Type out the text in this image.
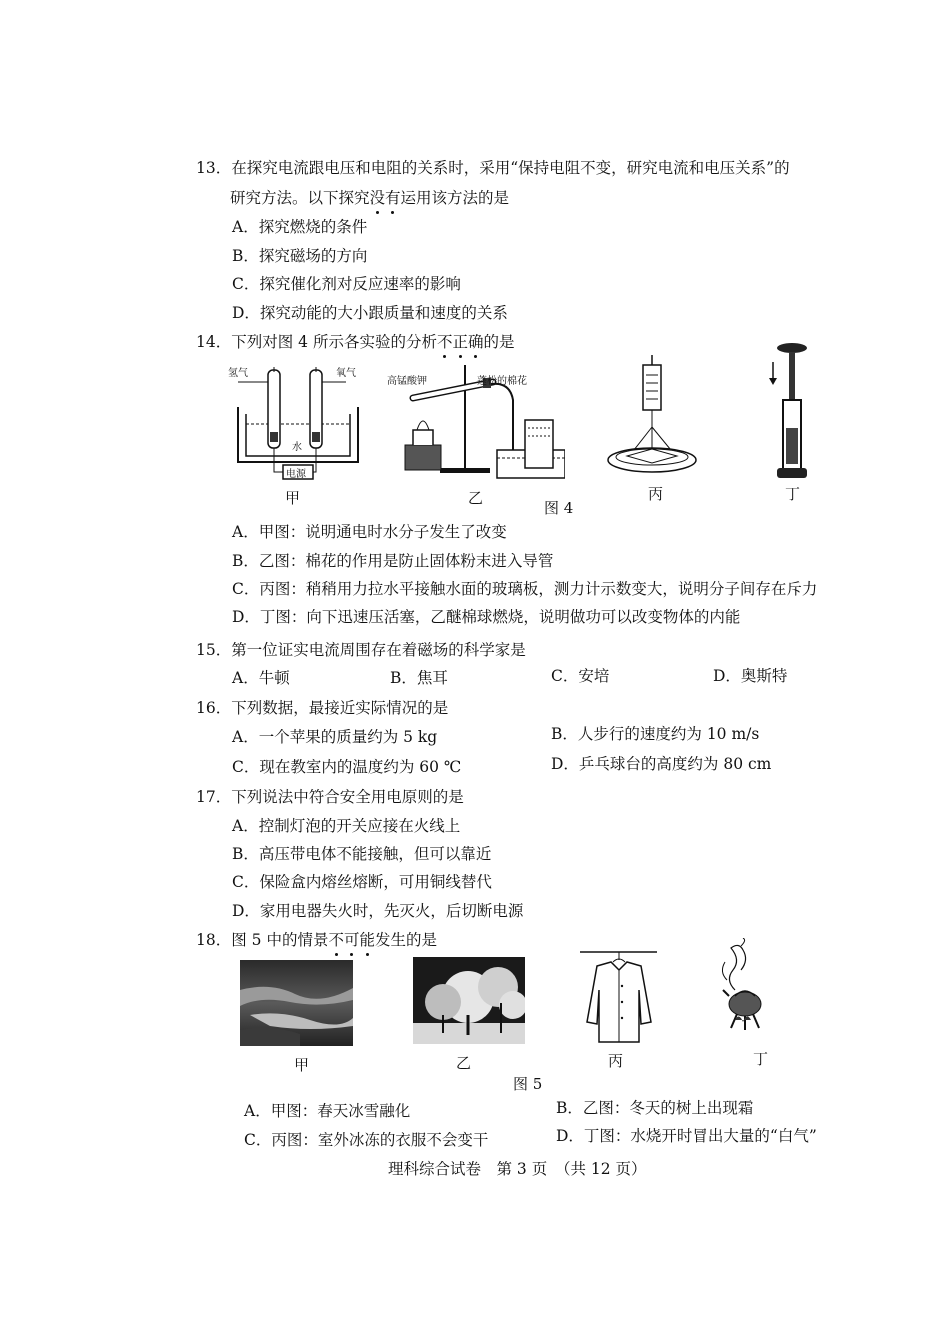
13．在探究电流跟电压和电阻的关系时，采用“保持电阻不变，研究电流和电压关系”的
研究方法。以下探究没有运用该方法的是
A．探究燃烧的条件
B．探究磁场的方向
C．探究催化剂对反应速率的影响
D．探究动能的大小跟质量和速度的关系
14．下列对图 4 所示各实验的分析不正确的是
氢气	氧气
水
电源
甲
高锰酸钾	蓬松的棉花
乙
图 4
丙	丁
A．甲图：说明通电时水分子发生了改变
B．乙图：棉花的作用是防止固体粉末进入导管
C．丙图：稍稍用力拉水平接触水面的玻璃板，测力计示数变大，说明分子间存在斥力
D．丁图：向下迅速压活塞，乙醚棉球燃烧，说明做功可以改变物体的内能
15．第一位证实电流周围存在着磁场的科学家是
A．牛顿	B．焦耳	C．安培	D．奥斯特
16．下列数据，最接近实际情况的是
A．一个苹果的质量约为 5 kg	B．人步行的速度约为 10 m/s
C．现在教室内的温度约为 60 ℃	D．乒乓球台的高度约为 80 cm
17．下列说法中符合安全用电原则的是
A．控制灯泡的开关应接在火线上
B．高压带电体不能接触，但可以靠近
C．保险盒内熔丝熔断，可用铜线替代
D．家用电器失火时，先灭火，后切断电源
18．图 5 中的情景不可能发生的是
甲	乙	丙	丁
图 5
A．甲图：春天冰雪融化	B．乙图：冬天的树上出现霜
C．丙图：室外冰冻的衣服不会变干	D．丁图：水烧开时冒出大量的“白气”
理科综合试卷　第 3 页　（共 12 页）
